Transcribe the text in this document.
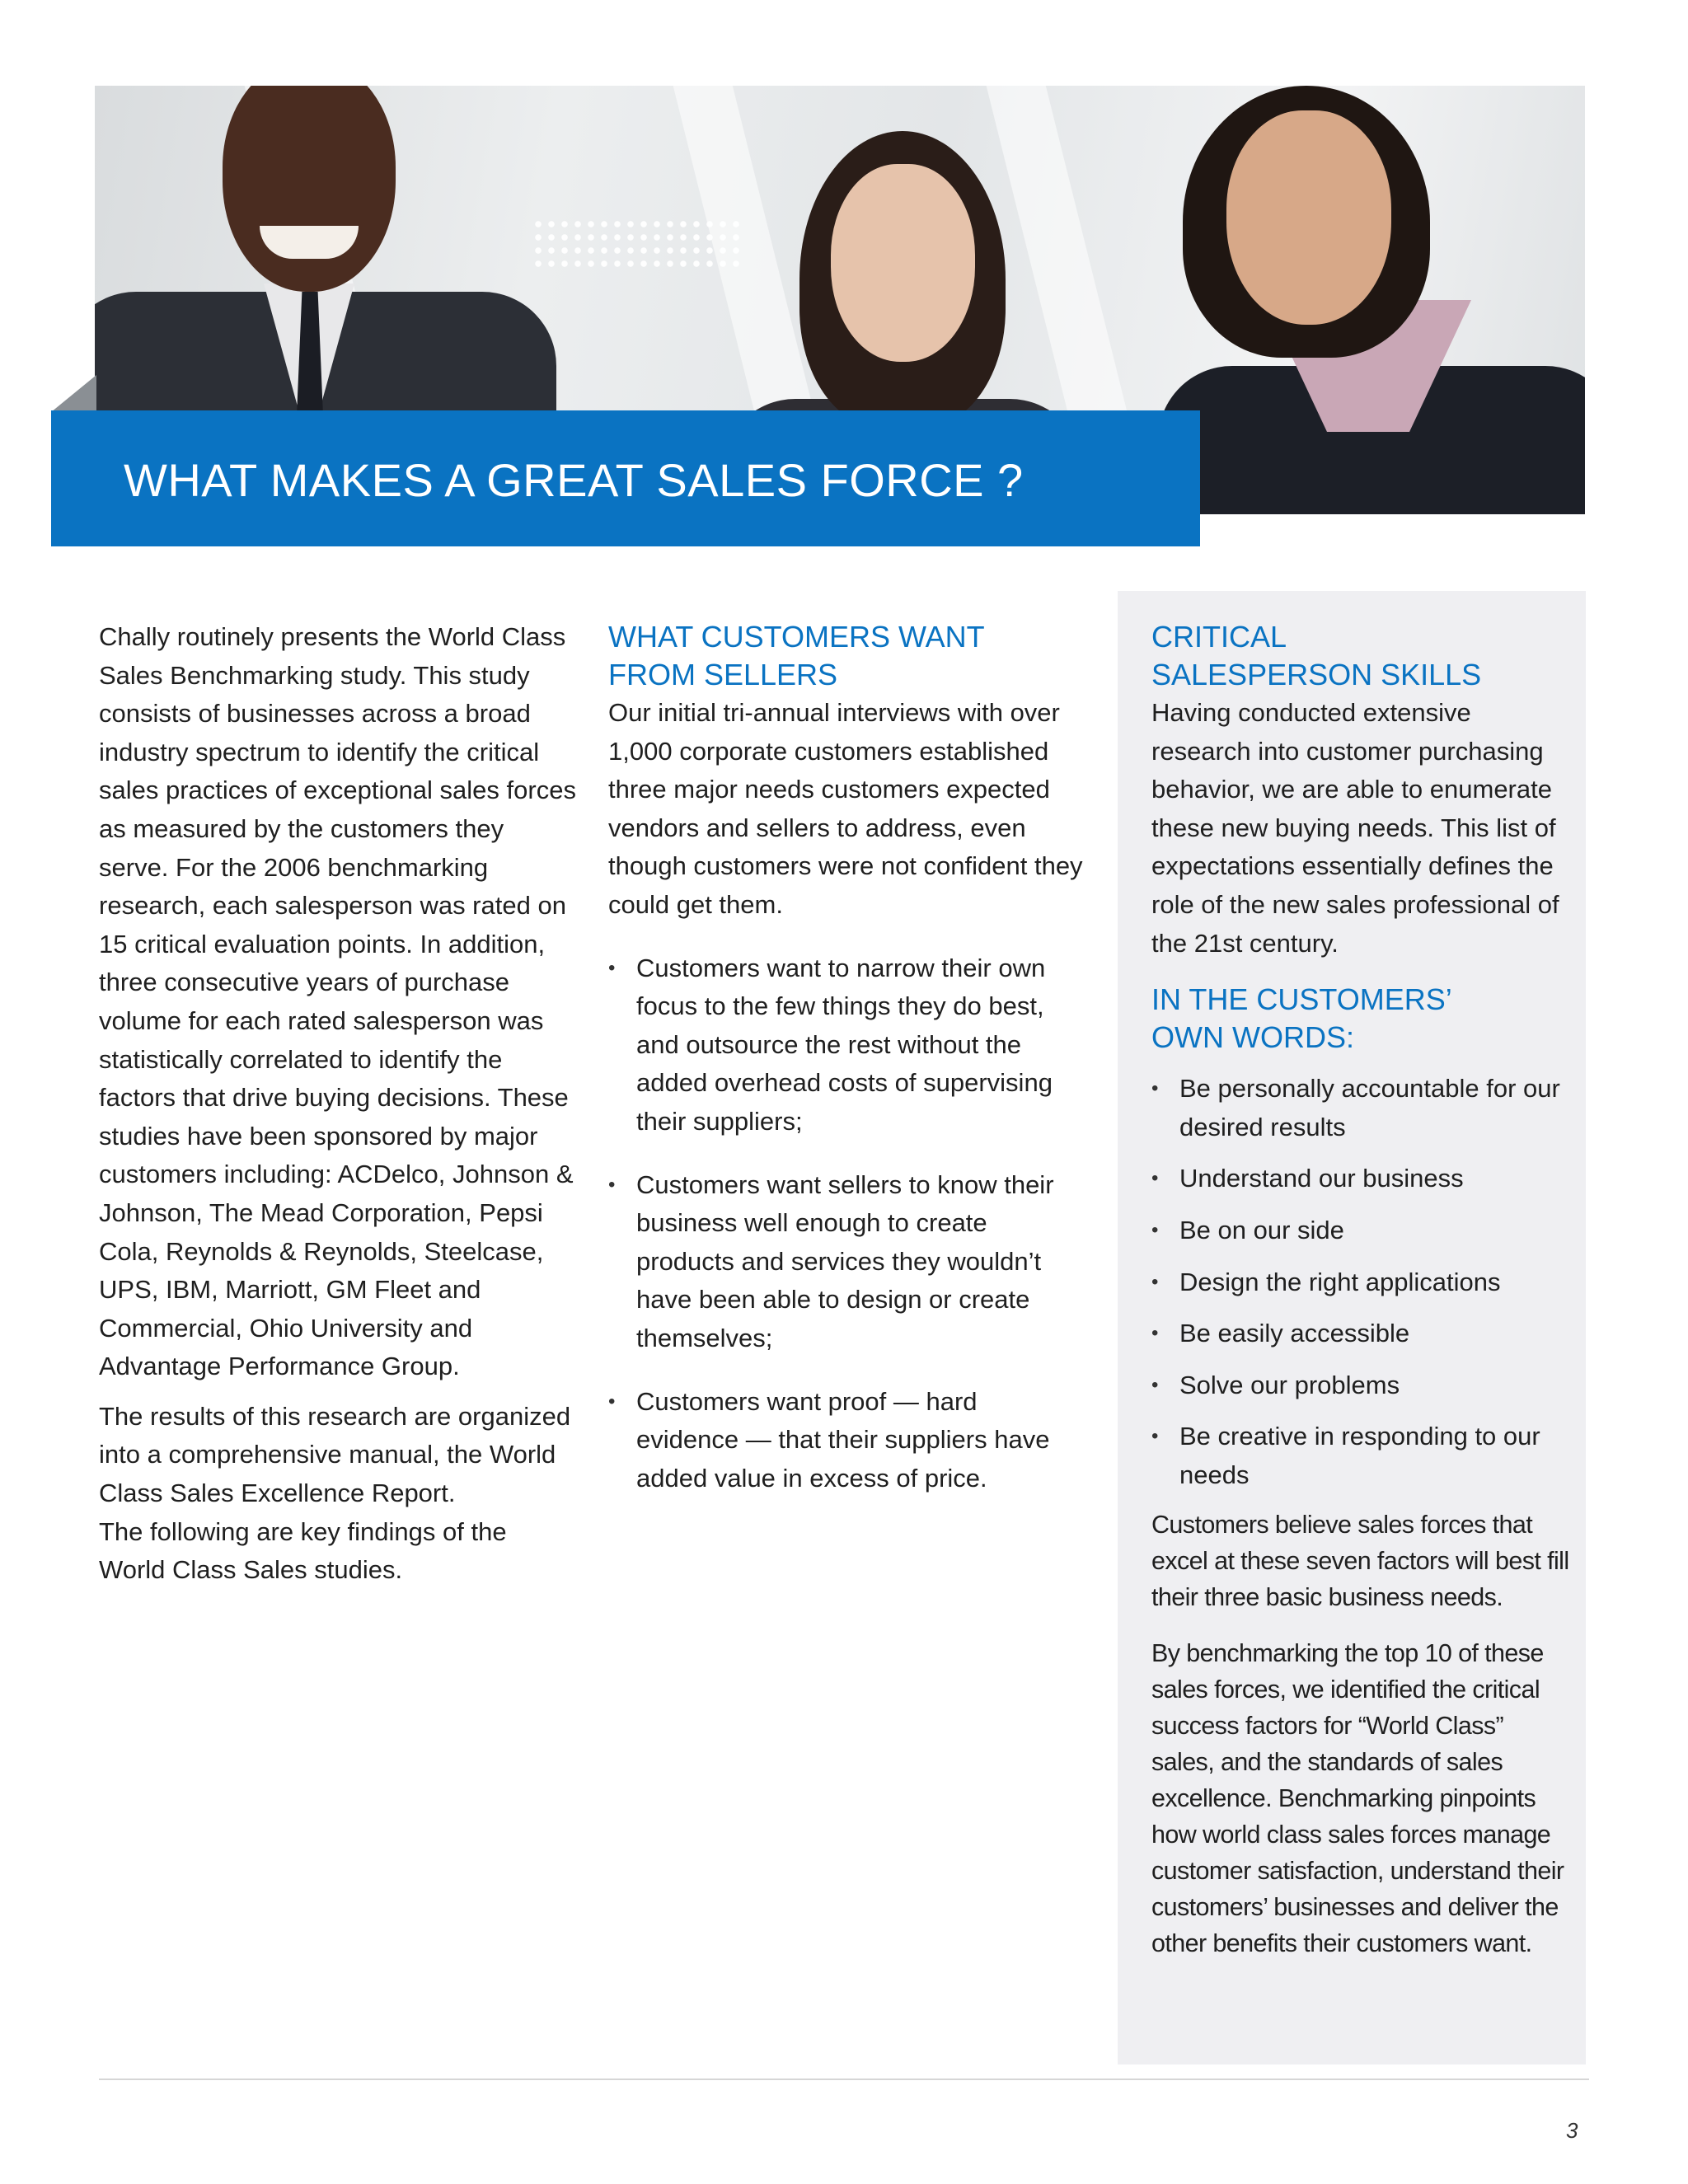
WHAT MAKES A GREAT SALES FORCE ?

Chally routinely presents the World Class Sales Benchmarking study. This study consists of businesses across a broad industry spectrum to identify the critical sales practices of exceptional sales forces as measured by the customers they serve. For the 2006 benchmarking research, each salesperson was rated on 15 critical evaluation points. In addition, three consecutive years of purchase volume for each rated salesperson was statistically correlated to identify the factors that drive buying decisions. These studies have been sponsored by major customers including: ACDelco, Johnson & Johnson, The Mead Corporation, Pepsi Cola, Reynolds & Reynolds, Steelcase, UPS, IBM, Marriott, GM Fleet and Commercial, Ohio University and Advantage Performance Group.

The results of this research are organized into a comprehensive manual, the World Class Sales Excellence Report.

The following are key findings of the World Class Sales studies.

WHAT CUSTOMERS WANT FROM SELLERS

Our initial tri-annual interviews with over 1,000 corporate customers established three major needs customers expected vendors and sellers to address, even though customers were not confident they could get them.

• Customers want to narrow their own focus to the few things they do best, and outsource the rest without the added overhead costs of supervising their suppliers;
• Customers want sellers to know their business well enough to create products and services they wouldn’t have been able to design or create themselves;
• Customers want proof — hard evidence — that their suppliers have added value in excess of price.
CRITICAL SALESPERSON SKILLS

Having conducted extensive research into customer purchasing behavior, we are able to enumerate these new buying needs. This list of expectations essentially defines the role of the new sales professional of the 21st century.

IN THE CUSTOMERS’ OWN WORDS:
• Be personally accountable for our desired results
• Understand our business
• Be on our side
• Design the right applications
• Be easily accessible
• Solve our problems
• Be creative in responding to our needs

Customers believe sales forces that excel at these seven factors will best fill their three basic business needs.

By benchmarking the top 10 of these sales forces, we identified the critical success factors for “World Class” sales, and the standards of sales excellence. Benchmarking pinpoints how world class sales forces manage customer satisfaction, understand their customers’ businesses and deliver the other benefits their customers want.

3
